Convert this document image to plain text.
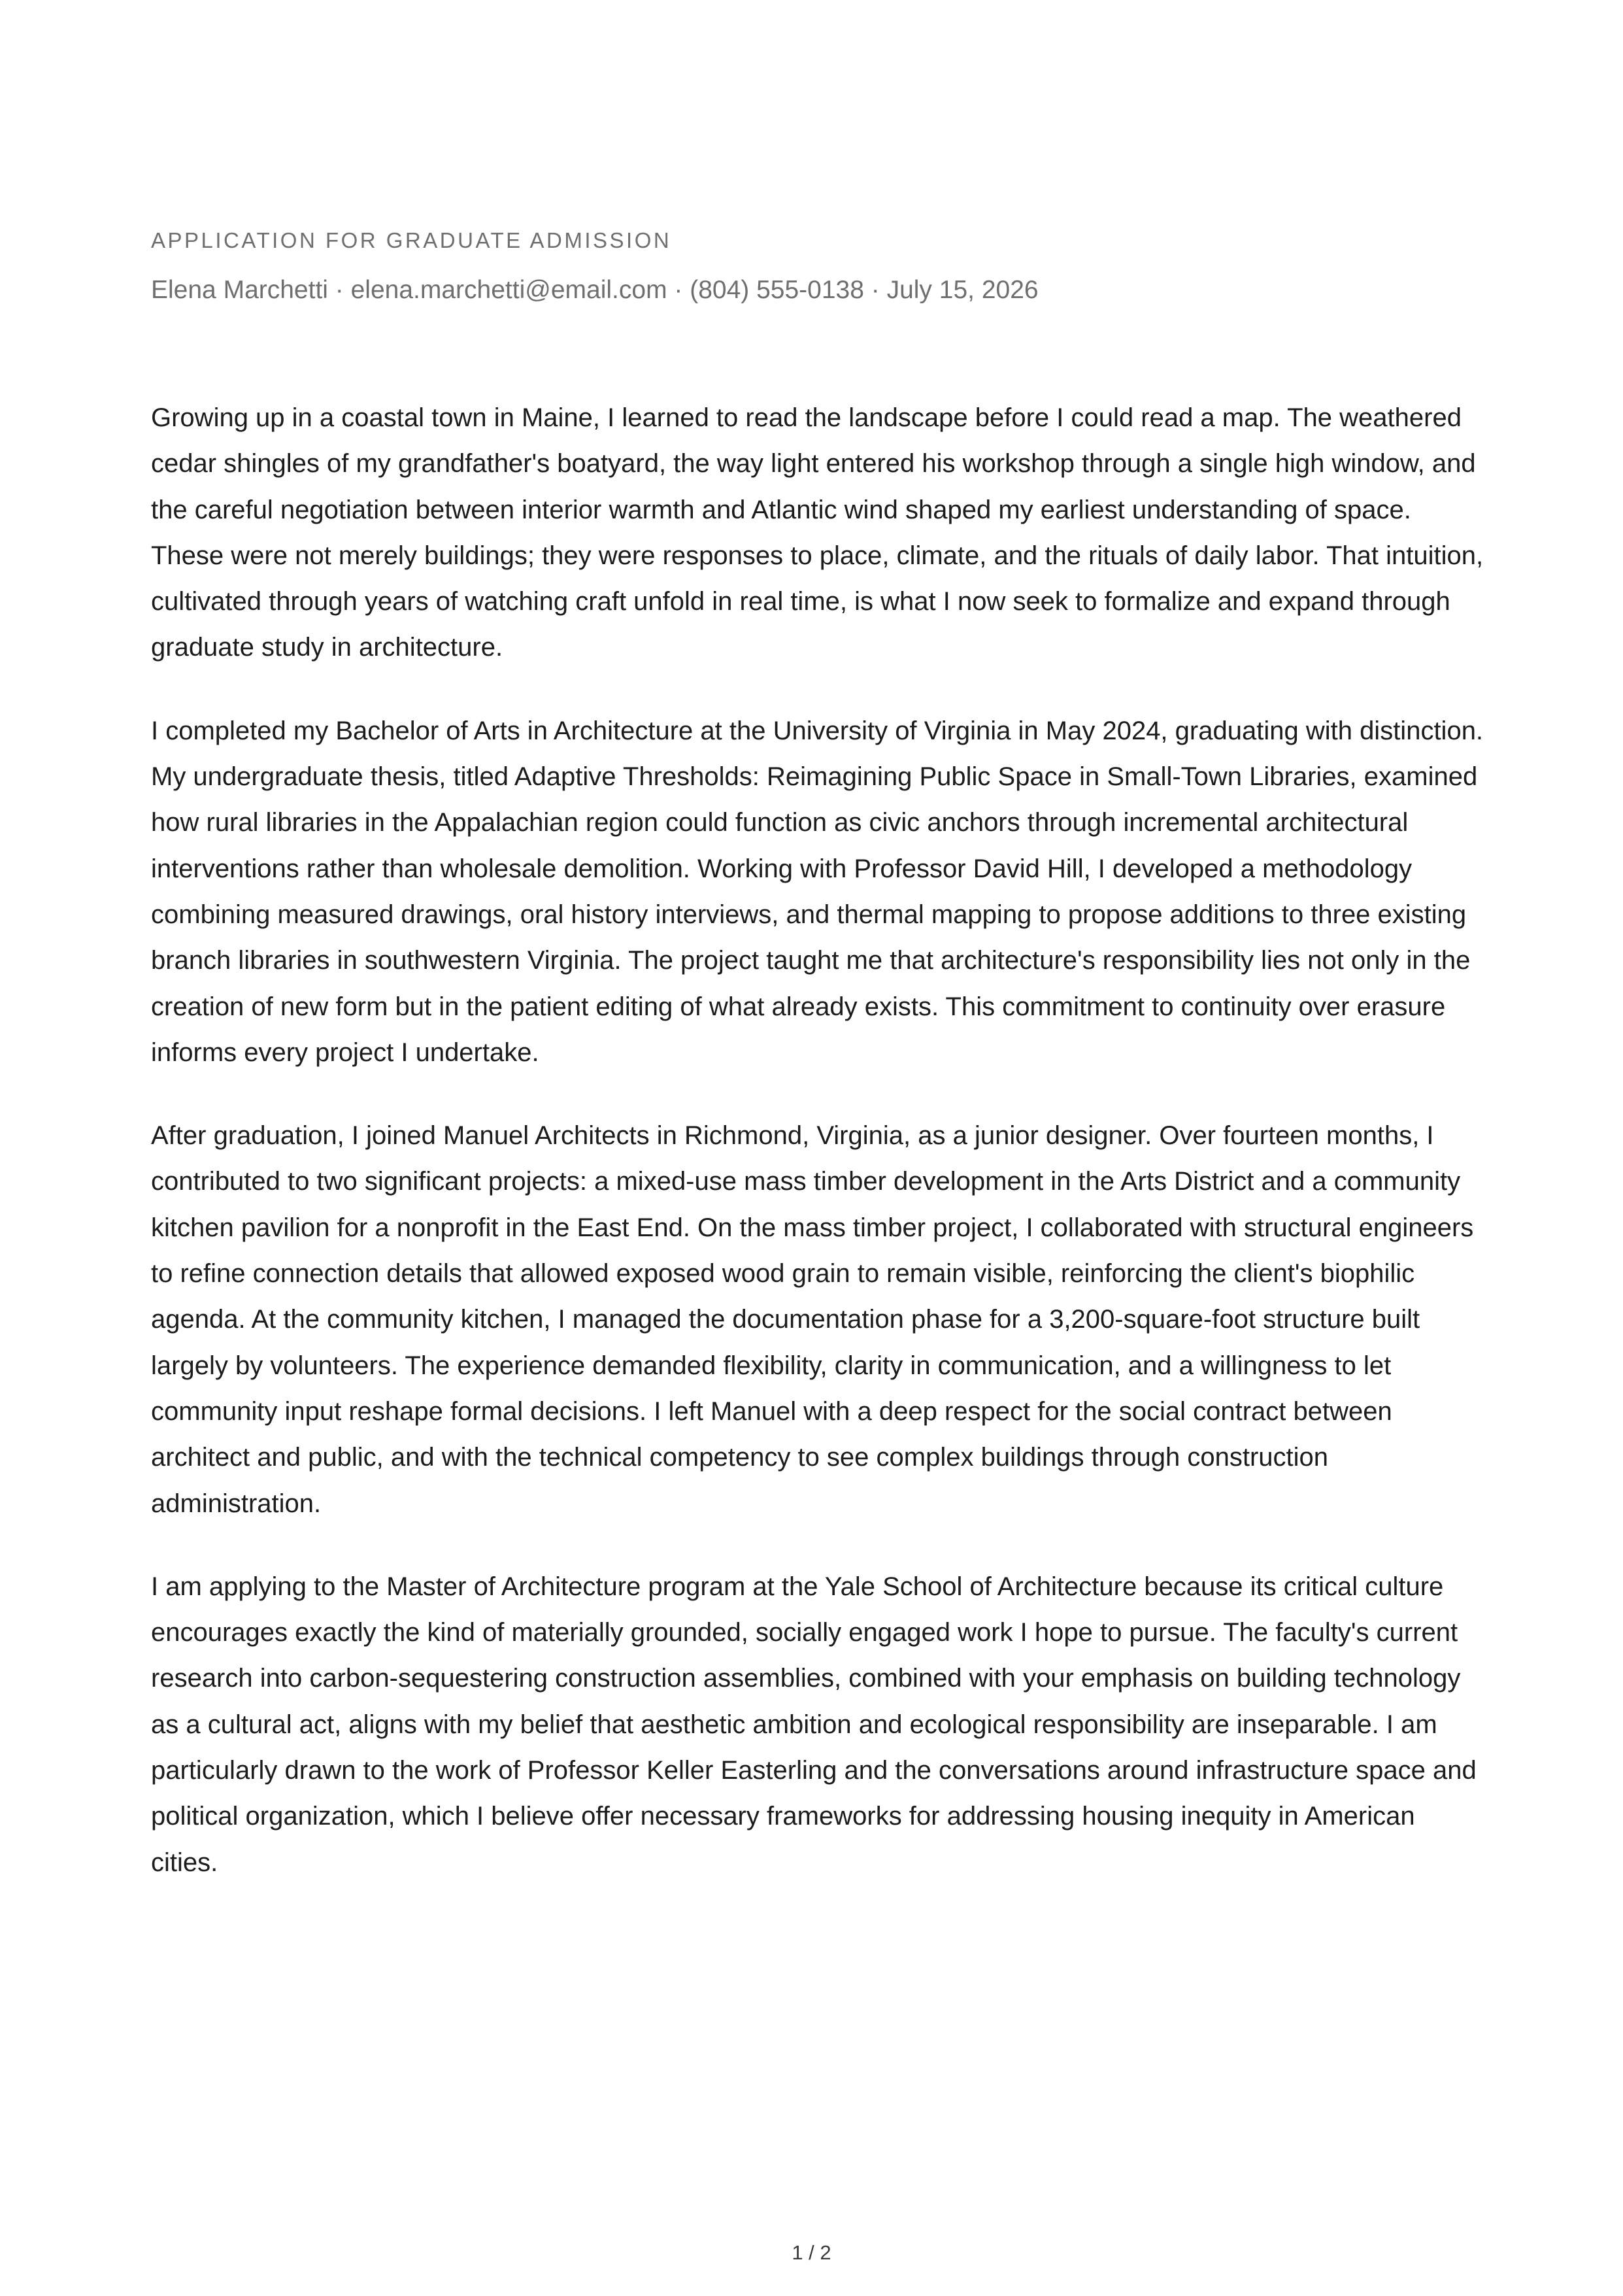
APPLICATION FOR GRADUATE ADMISSION
Elena Marchetti · elena.marchetti@email.com · (804) 555-0138 · July 15, 2026

Growing up in a coastal town in Maine, I learned to read the landscape before I could read a map. The weathered cedar shingles of my grandfather's boatyard, the way light entered his workshop through a single high window, and the careful negotiation between interior warmth and Atlantic wind shaped my earliest understanding of space. These were not merely buildings; they were responses to place, climate, and the rituals of daily labor. That intuition, cultivated through years of watching craft unfold in real time, is what I now seek to formalize and expand through graduate study in architecture.

I completed my Bachelor of Arts in Architecture at the University of Virginia in May 2024, graduating with distinction. My undergraduate thesis, titled Adaptive Thresholds: Reimagining Public Space in Small-Town Libraries, examined how rural libraries in the Appalachian region could function as civic anchors through incremental architectural interventions rather than wholesale demolition. Working with Professor David Hill, I developed a methodology combining measured drawings, oral history interviews, and thermal mapping to propose additions to three existing branch libraries in southwestern Virginia. The project taught me that architecture's responsibility lies not only in the creation of new form but in the patient editing of what already exists. This commitment to continuity over erasure informs every project I undertake.

After graduation, I joined Manuel Architects in Richmond, Virginia, as a junior designer. Over fourteen months, I contributed to two significant projects: a mixed-use mass timber development in the Arts District and a community kitchen pavilion for a nonprofit in the East End. On the mass timber project, I collaborated with structural engineers to refine connection details that allowed exposed wood grain to remain visible, reinforcing the client's biophilic agenda. At the community kitchen, I managed the documentation phase for a 3,200-square-foot structure built largely by volunteers. The experience demanded flexibility, clarity in communication, and a willingness to let community input reshape formal decisions. I left Manuel with a deep respect for the social contract between architect and public, and with the technical competency to see complex buildings through construction administration.

I am applying to the Master of Architecture program at the Yale School of Architecture because its critical culture encourages exactly the kind of materially grounded, socially engaged work I hope to pursue. The faculty's current research into carbon-sequestering construction assemblies, combined with your emphasis on building technology as a cultural act, aligns with my belief that aesthetic ambition and ecological responsibility are inseparable. I am particularly drawn to the work of Professor Keller Easterling and the conversations around infrastructure space and political organization, which I believe offer necessary frameworks for addressing housing inequity in American cities.

1 / 2
